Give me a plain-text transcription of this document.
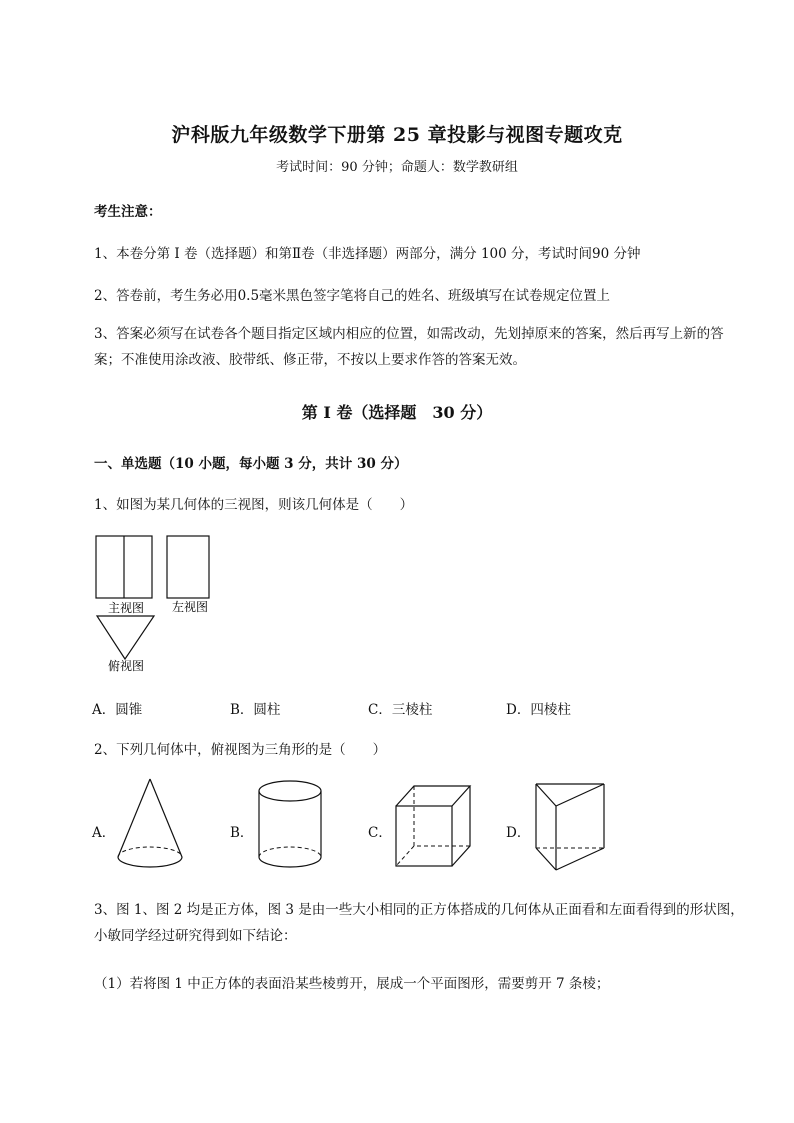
沪科版九年级数学下册第 25 章投影与视图专题攻克
考试时间：90 分钟；命题人：数学教研组
考生注意：
1、本卷分第 I 卷（选择题）和第Ⅱ卷（非选择题）两部分，满分 100 分，考试时间90 分钟
2、答卷前，考生务必用0.5毫米黑色签字笔将自己的姓名、班级填写在试卷规定位置上
3、答案必须写在试卷各个题目指定区域内相应的位置，如需改动，先划掉原来的答案，然后再写上新的答案；不准使用涂改液、胶带纸、修正带，不按以上要求作答的答案无效。
第 I 卷（选择题　30 分）
一、单选题（10 小题，每小题 3 分，共计 30 分）
1、如图为某几何体的三视图，则该几何体是（　　）
主视图 左视图
俯视图
A．圆锥	B．圆柱	C．三棱柱	D．四棱柱
2、下列几何体中，俯视图为三角形的是（　　）
A．	B．	C．	D．
3、图 1、图 2 均是正方体，图 3 是由一些大小相同的正方体搭成的几何体从正面看和左面看得到的形状图，小敏同学经过研究得到如下结论：
（1）若将图 1 中正方体的表面沿某些棱剪开，展成一个平面图形，需要剪开 7 条棱；
